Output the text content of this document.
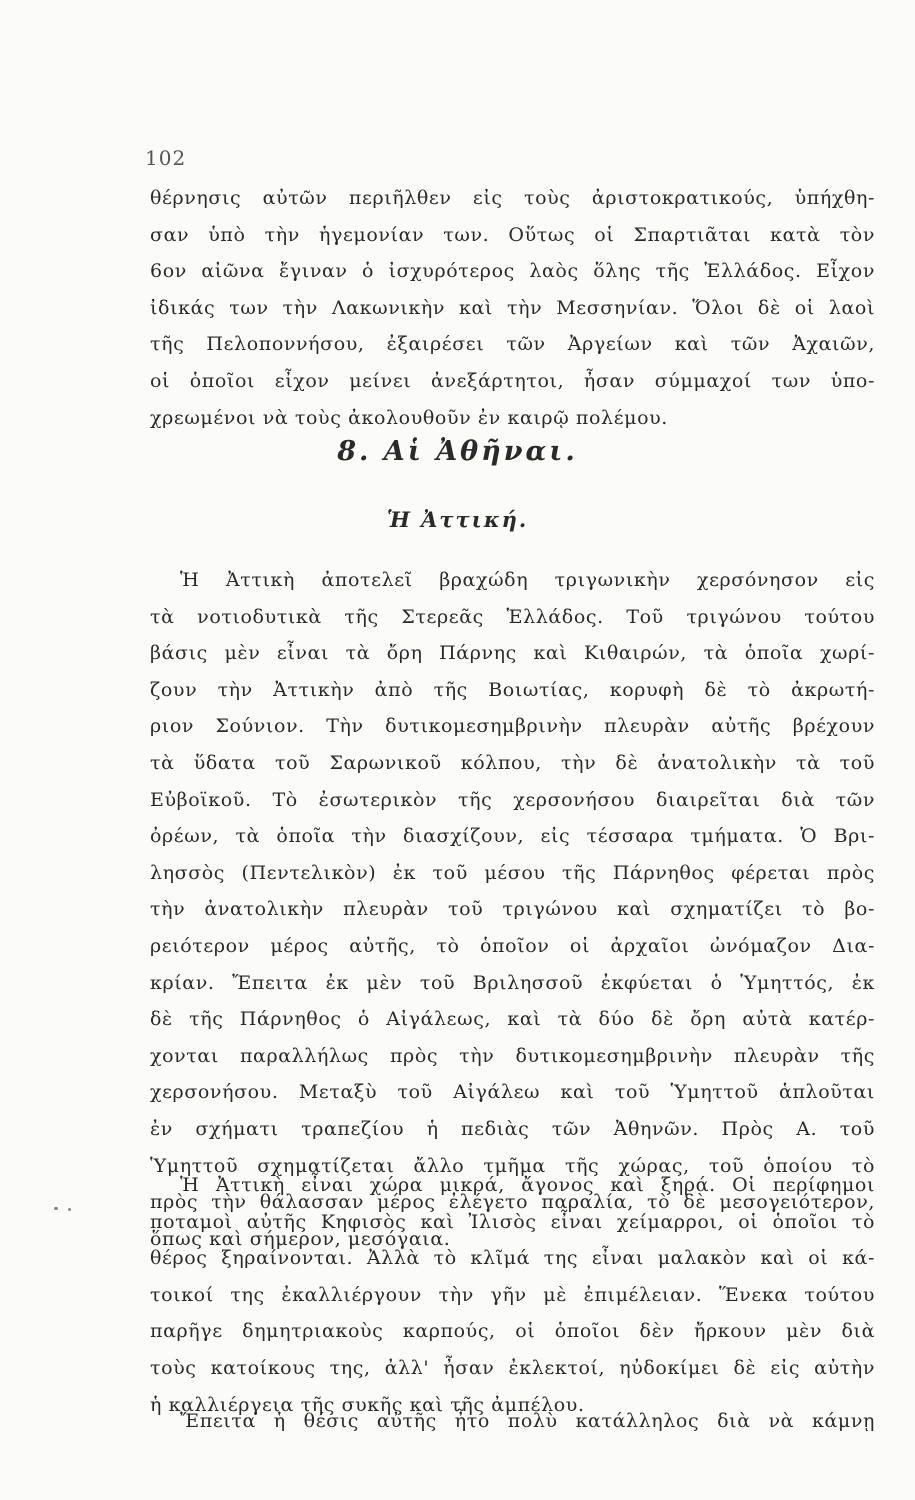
102
θέρνησις αὐτῶν περιῆλθεν εἰς τοὺς ἀριστοκρατικούς, ὑπήχθη-
σαν ὑπὸ τὴν ἡγεμονίαν των. Οὕτως οἱ Σπαρτιᾶται κατὰ τὸν
6ον αἰῶνα ἔγιναν ὁ ἰσχυρότερος λαὸς ὅλης τῆς Ἑλλάδος. Εἶχον
ἰδικάς των τὴν Λακωνικὴν καὶ τὴν Μεσσηνίαν. Ὅλοι δὲ οἱ λαοὶ
τῆς Πελοποννήσου, ἐξαιρέσει τῶν Ἀργείων καὶ τῶν Ἀχαιῶν,
οἱ ὁποῖοι εἶχον μείνει ἀνεξάρτητοι, ἦσαν σύμμαχοί των ὑπο-
χρεωμένοι νὰ τοὺς ἀκολουθοῦν ἐν καιρῷ πολέμου.
8. Αἱ Ἀθῆναι.
Ἡ Ἀττική.
Ἡ Ἀττικὴ ἀποτελεῖ βραχώδη τριγωνικὴν χερσόνησον εἰς
τὰ νοτιοδυτικὰ τῆς Στερεᾶς Ἑλλάδος. Τοῦ τριγώνου τούτου
βάσις μὲν εἶναι τὰ ὄρη Πάρνης καὶ Κιθαιρών, τὰ ὁποῖα χωρί-
ζουν τὴν Ἀττικὴν ἀπὸ τῆς Βοιωτίας, κορυφὴ δὲ τὸ ἀκρωτή-
ριον Σούνιον. Τὴν δυτικομεσημβρινὴν πλευρὰν αὐτῆς βρέχουν
τὰ ὕδατα τοῦ Σαρωνικοῦ κόλπου, τὴν δὲ ἀνατολικὴν τὰ τοῦ
Εὐβοϊκοῦ. Τὸ ἐσωτερικὸν τῆς χερσονήσου διαιρεῖται διὰ τῶν
ὀρέων, τὰ ὁποῖα τὴν διασχίζουν, εἰς τέσσαρα τμήματα. Ὁ Βρι-
λησσὸς (Πεντελικὸν) ἐκ τοῦ μέσου τῆς Πάρνηθος φέρεται πρὸς
τὴν ἀνατολικὴν πλευρὰν τοῦ τριγώνου καὶ σχηματίζει τὸ βο-
ρειότερον μέρος αὐτῆς, τὸ ὁποῖον οἱ ἀρχαῖοι ὠνόμαζον Δια-
κρίαν. Ἔπειτα ἐκ μὲν τοῦ Βριλησσοῦ ἐκφύεται ὁ Ὑμηττός, ἐκ
δὲ τῆς Πάρνηθος ὁ Αἰγάλεως, καὶ τὰ δύο δὲ ὄρη αὐτὰ κατέρ-
χονται παραλλήλως πρὸς τὴν δυτικομεσημβρινὴν πλευρὰν τῆς
χερσονήσου. Μεταξὺ τοῦ Αἰγάλεω καὶ τοῦ Ὑμηττοῦ ἁπλοῦται
ἐν σχήματι τραπεζίου ἡ πεδιὰς τῶν Ἀθηνῶν. Πρὸς Α. τοῦ
Ὑμηττοῦ σχηματίζεται ἄλλο τμῆμα τῆς χώρας, τοῦ ὁποίου τὸ
πρὸς τὴν θάλασσαν μέρος ἐλέγετο παραλία, τὸ δὲ μεσογειότερον,
ὅπως καὶ σήμερον, μεσόγαια.
Ἡ Ἀττικὴ εἶναι χώρα μικρά, ἄγονος καὶ ξηρά. Οἱ περίφημοι
ποταμοὶ αὐτῆς Κηφισὸς καὶ Ἰλισὸς εἶναι χείμαρροι, οἱ ὁποῖοι τὸ
θέρος ξηραίνονται. Ἀλλὰ τὸ κλῖμά της εἶναι μαλακὸν καὶ οἱ κά-
τοικοί της ἐκαλλιέργουν τὴν γῆν μὲ ἐπιμέλειαν. Ἕνεκα τούτου
παρῆγε δημητριακοὺς καρπούς, οἱ ὁποῖοι δὲν ἤρκουν μὲν διὰ
τοὺς κατοίκους της, ἀλλ' ἦσαν ἐκλεκτοί, ηὐδοκίμει δὲ εἰς αὐτὴν
ἡ καλλιέργεια τῆς συκῆς καὶ τῆς ἀμπέλου.
Ἔπειτα ἡ θέσις αὐτῆς ἦτο πολὺ κατάλληλος διὰ νὰ κάμνῃ
